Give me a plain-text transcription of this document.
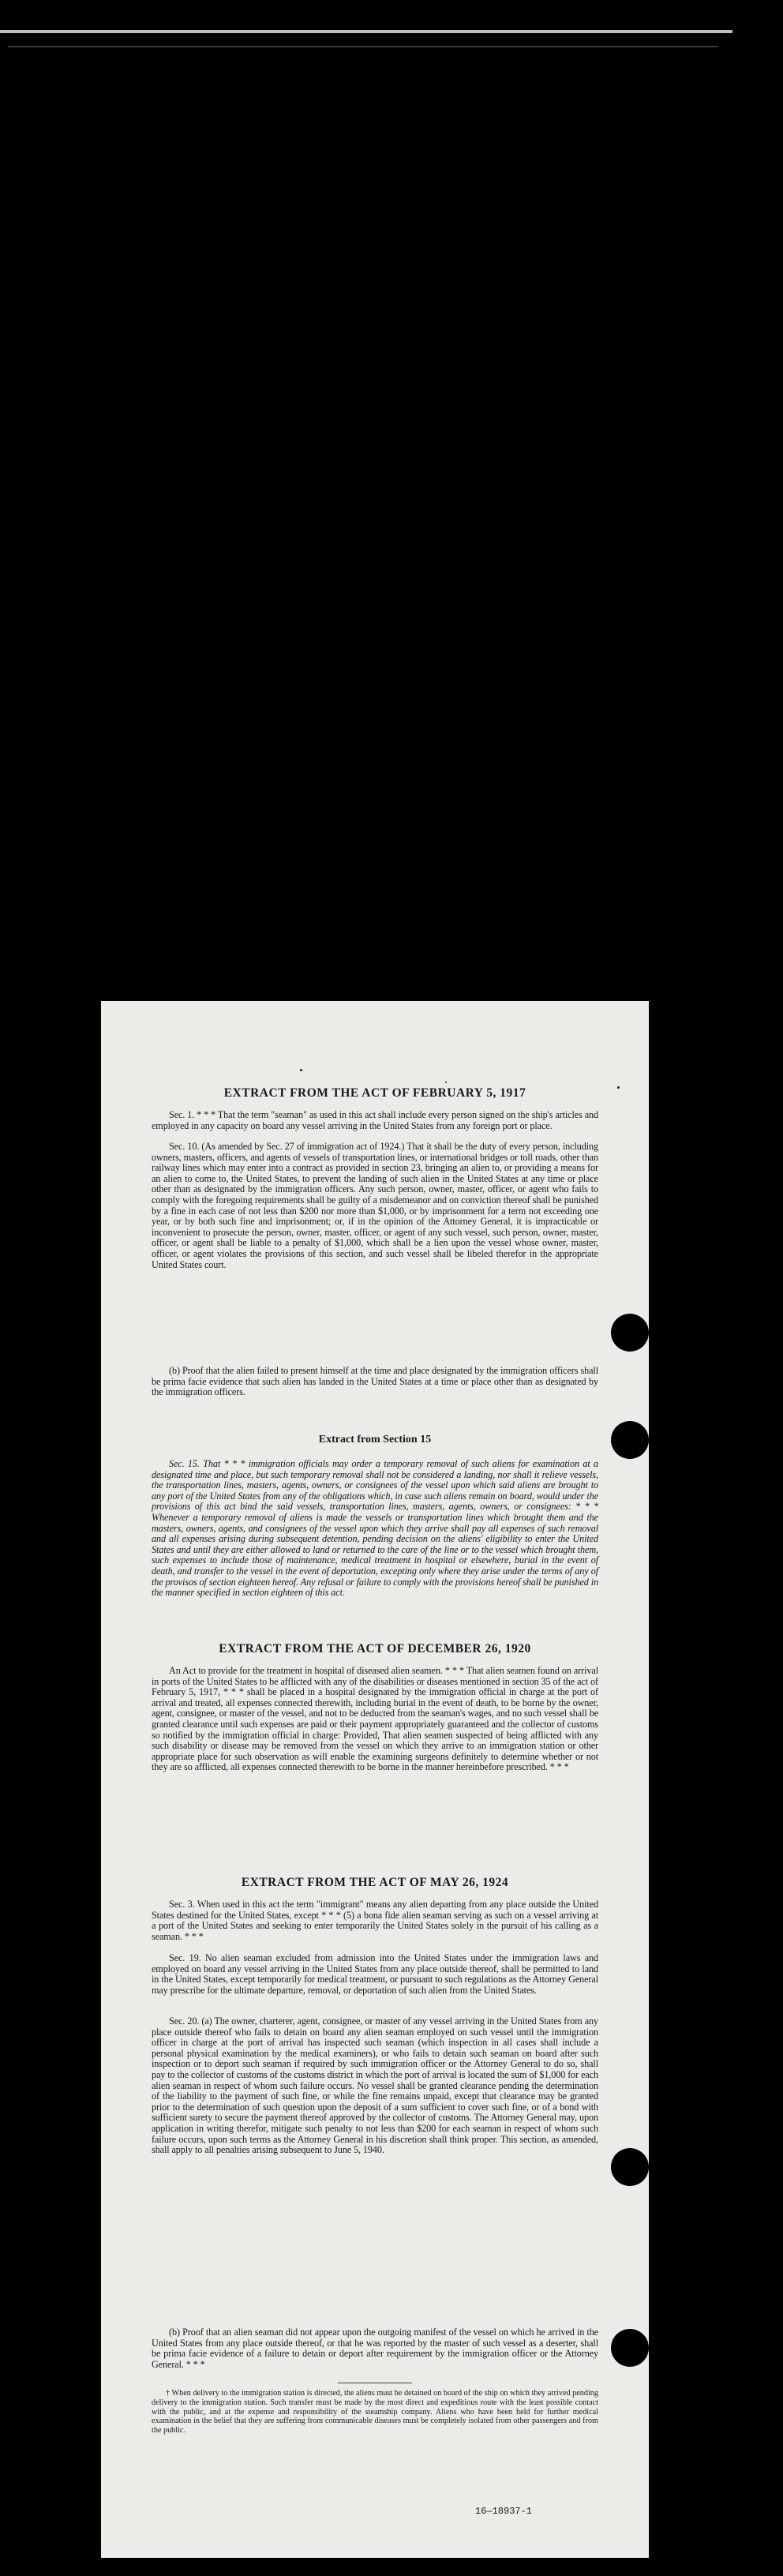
EXTRACT FROM THE ACT OF FEBRUARY 5, 1917
Sec. 1. * * * That the term "seaman" as used in this act shall include every person signed on the ship's articles and employed in any capacity on board any vessel arriving in the United States from any foreign port or place.
Sec. 10. (As amended by Sec. 27 of immigration act of 1924.) That it shall be the duty of every person, including owners, masters, officers, and agents of vessels of transportation lines, or international bridges or toll roads, other than railway lines which may enter into a contract as provided in section 23, bringing an alien to, or providing a means for an alien to come to, the United States, to prevent the landing of such alien in the United States at any time or place other than as designated by the immigration officers. Any such person, owner, master, officer, or agent who fails to comply with the foregoing requirements shall be guilty of a misdemeanor and on conviction thereof shall be punished by a fine in each case of not less than $200 nor more than $1,000, or by imprisonment for a term not exceeding one year, or by both such fine and imprisonment; or, if in the opinion of the Attorney General, it is impracticable or inconvenient to prosecute the person, owner, master, officer, or agent of any such vessel, such person, owner, master, officer, or agent shall be liable to a penalty of $1,000, which shall be a lien upon the vessel whose owner, master, officer, or agent violates the provisions of this section, and such vessel shall be libeled therefor in the appropriate United States court.
(b) Proof that the alien failed to present himself at the time and place designated by the immigration officers shall be prima facie evidence that such alien has landed in the United States at a time or place other than as designated by the immigration officers.
Extract from Section 15
Sec. 15. That * * * immigration officials may order a temporary removal of such aliens for examination at a designated time and place, but such temporary removal shall not be considered a landing, nor shall it relieve vessels, the transportation lines, masters, agents, owners, or consignees of the vessel upon which said aliens are brought to any port of the United States from any of the obligations which, in case such aliens remain on board, would under the provisions of this act bind the said vessels, transportation lines, masters, agents, owners, or consignees: * * * Whenever a temporary removal of aliens is made the vessels or transportation lines which brought them and the masters, owners, agents, and consignees of the vessel upon which they arrive shall pay all expenses of such removal and all expenses arising during subsequent detention, pending decision on the aliens' eligibility to enter the United States and until they are either allowed to land or returned to the care of the line or to the vessel which brought them, such expenses to include those of maintenance, medical treatment in hospital or elsewhere, burial in the event of death, and transfer to the vessel in the event of deportation, excepting only where they arise under the terms of any of the provisos of section eighteen hereof. Any refusal or failure to comply with the provisions hereof shall be punished in the manner specified in section eighteen of this act.
EXTRACT FROM THE ACT OF DECEMBER 26, 1920
An Act to provide for the treatment in hospital of diseased alien seamen. * * * That alien seamen found on arrival in ports of the United States to be afflicted with any of the disabilities or diseases mentioned in section 35 of the act of February 5, 1917, * * * shall be placed in a hospital designated by the immigration official in charge at the port of arrival and treated, all expenses connected therewith, including burial in the event of death, to be borne by the owner, agent, consignee, or master of the vessel, and not to be deducted from the seaman's wages, and no such vessel shall be granted clearance until such expenses are paid or their payment appropriately guaranteed and the collector of customs so notified by the immigration official in charge: Provided, That alien seamen suspected of being afflicted with any such disability or disease may be removed from the vessel on which they arrive to an immigration station or other appropriate place for such observation as will enable the examining surgeons definitely to determine whether or not they are so afflicted, all expenses connected therewith to be borne in the manner hereinbefore prescribed. * * *
EXTRACT FROM THE ACT OF MAY 26, 1924
Sec. 3. When used in this act the term "immigrant" means any alien departing from any place outside the United States destined for the United States, except * * * (5) a bona fide alien seaman serving as such on a vessel arriving at a port of the United States and seeking to enter temporarily the United States solely in the pursuit of his calling as a seaman. * * *
Sec. 19. No alien seaman excluded from admission into the United States under the immigration laws and employed on board any vessel arriving in the United States from any place outside thereof, shall be permitted to land in the United States, except temporarily for medical treatment, or pursuant to such regulations as the Attorney General may prescribe for the ultimate departure, removal, or deportation of such alien from the United States.
Sec. 20. (a) The owner, charterer, agent, consignee, or master of any vessel arriving in the United States from any place outside thereof who fails to detain on board any alien seaman employed on such vessel until the immigration officer in charge at the port of arrival has inspected such seaman (which inspection in all cases shall include a personal physical examination by the medical examiners), or who fails to detain such seaman on board after such inspection or to deport such seaman if required by such immigration officer or the Attorney General to do so, shall pay to the collector of customs of the customs district in which the port of arrival is located the sum of $1,000 for each alien seaman in respect of whom such failure occurs. No vessel shall be granted clearance pending the determination of the liability to the payment of such fine, or while the fine remains unpaid, except that clearance may be granted prior to the determination of such question upon the deposit of a sum sufficient to cover such fine, or of a bond with sufficient surety to secure the payment thereof approved by the collector of customs. The Attorney General may, upon application in writing therefor, mitigate such penalty to not less than $200 for each seaman in respect of whom such failure occurs, upon such terms as the Attorney General in his discretion shall think proper. This section, as amended, shall apply to all penalties arising subsequent to June 5, 1940.
(b) Proof that an alien seaman did not appear upon the outgoing manifest of the vessel on which he arrived in the United States from any place outside thereof, or that he was reported by the master of such vessel as a deserter, shall be prima facie evidence of a failure to detain or deport after requirement by the immigration officer or the Attorney General. * * *
† When delivery to the immigration station is directed, the aliens must be detained on board of the ship on which they arrived pending delivery to the immigration station. Such transfer must be made by the most direct and expeditious route with the least possible contact with the public, and at the expense and responsibility of the steamship company. Aliens who have been held for further medical examination in the belief that they are suffering from communicable diseases must be completely isolated from other passengers and from the public.
16—18937-1
